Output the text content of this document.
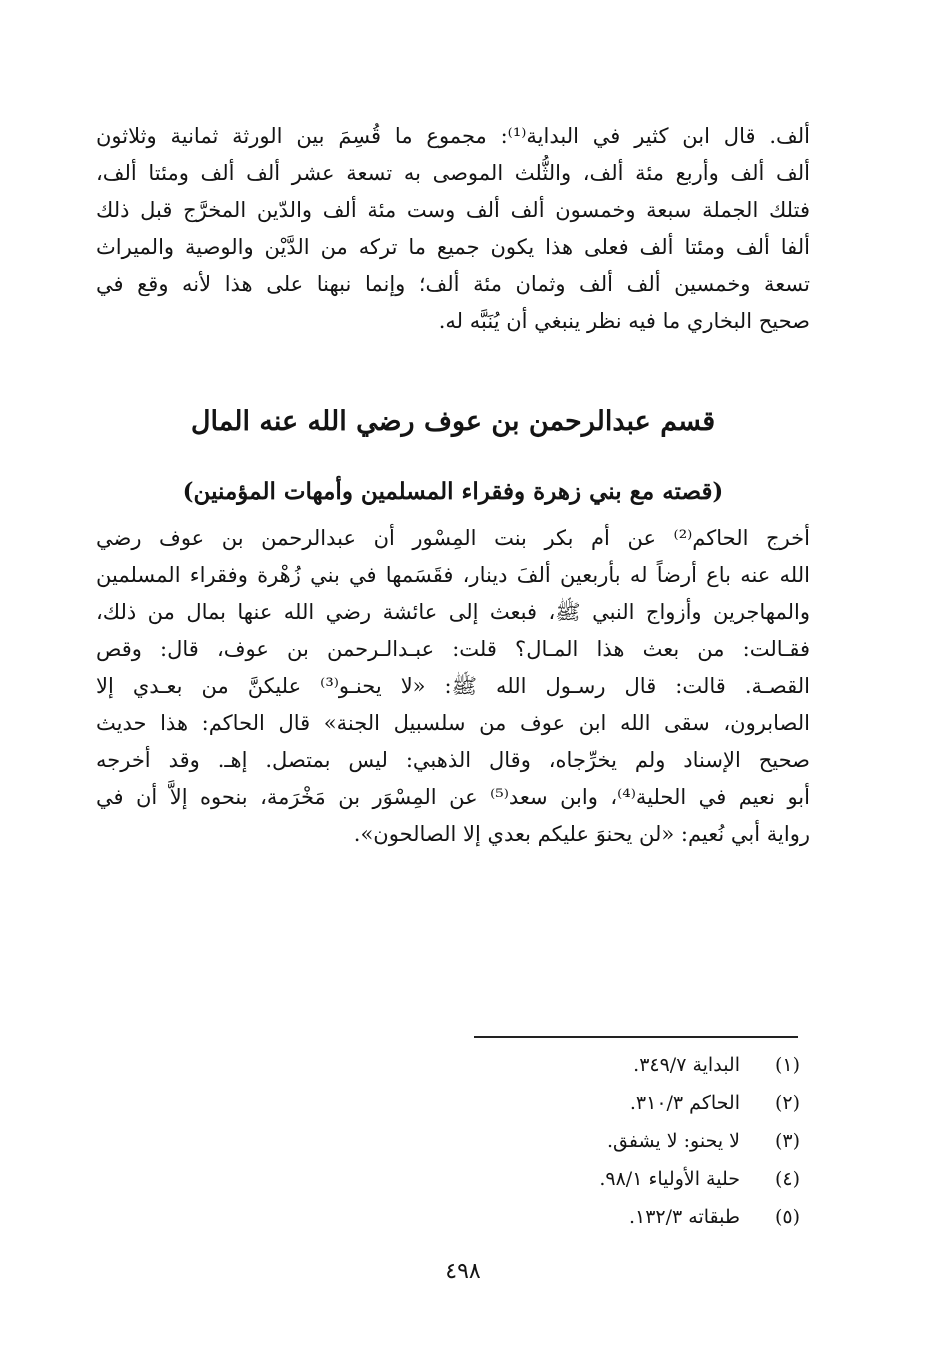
ألف. قال ابن كثير في البداية⁽¹⁾: مجموع ما قُسِمَ بين الورثة ثمانية وثلاثون
ألف ألف وأربع مئة ألف، والثُّلث الموصى به تسعة عشر ألف ألف ومئتا ألف،
فتلك الجملة سبعة وخمسون ألف ألف وست مئة ألف والدّين المخرَّج قبل ذلك
ألفا ألف ومئتا ألف فعلى هذا يكون جميع ما تركه من الدَّيْن والوصية والميراث
تسعة وخمسين ألف ألف وثمان مئة ألف؛ وإنما نبهنا على هذا لأنه وقع في
صحيح البخاري ما فيه نظر ينبغي أن يُنَبَّه له.
قسم عبدالرحمن بن عوف رضي الله عنه المال
(قصته مع بني زهرة وفقراء المسلمين وأمهات المؤمنين)
أخرج الحاكم⁽²⁾ عن أم بكر بنت المِسْور أن عبدالرحمن بن عوف رضي
الله عنه باع أرضاً له بأربعين ألفَ دينار، فقَسَمها في بني زُهْرة وفقراء المسلمين
والمهاجرين وأزواج النبي ﷺ، فبعث إلى عائشة رضي الله عنها بمال من ذلك،
فقـالت: من بعث هذا المـال؟ قلت: عبـدالـرحمن بن عوف، قال: وقص
القصـة. قالت: قال رسـول الله ﷺ: «لا يحنـو⁽³⁾ عليكنَّ من بعـدي إلا
الصابرون، سقى الله ابن عوف من سلسبيل الجنة» قال الحاكم: هذا حديث
صحيح الإسناد ولم يخرِّجاه، وقال الذهبي: ليس بمتصل. إهـ. وقد أخرجه
أبو نعيم في الحلية⁽⁴⁾، وابن سعد⁽⁵⁾ عن المِسْوَر بن مَخْرَمة، بنحوه إلاَّ أن في
رواية أبي نُعيم: «لن يحنوَ عليكم بعدي إلا الصالحون».
(١)
البداية ٣٤٩/٧.
(٢)
الحاكم ٣١٠/٣.
(٣)
لا يحنو: لا يشفق.
(٤)
حلية الأولياء ٩٨/١.
(٥)
طبقاته ١٣٢/٣.
٤٩٨
